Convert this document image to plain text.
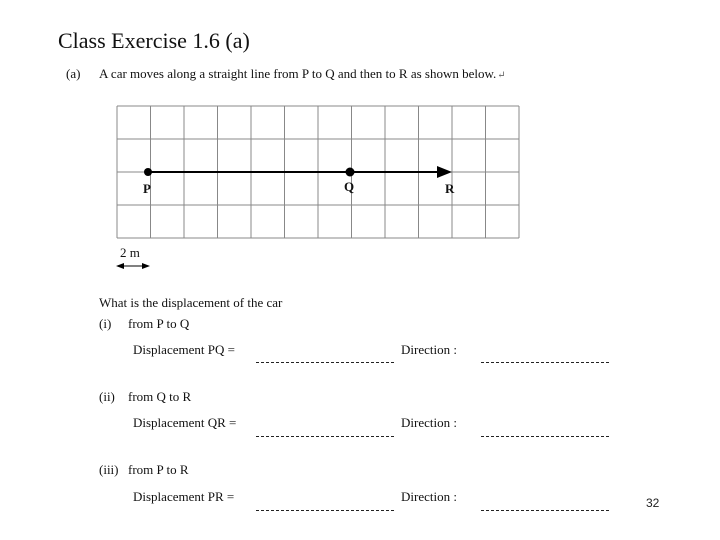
Class Exercise 1.6 (a)
(a) A car moves along a straight line from P to Q and then to R as shown below.↵
P	Q	R
2 m
What is the displacement of the car
(i) from P to Q
Displacement PQ =	Direction :
(ii) from Q to R
Displacement QR =	Direction :
(iii) from P to R
Displacement PR =	Direction :	32
